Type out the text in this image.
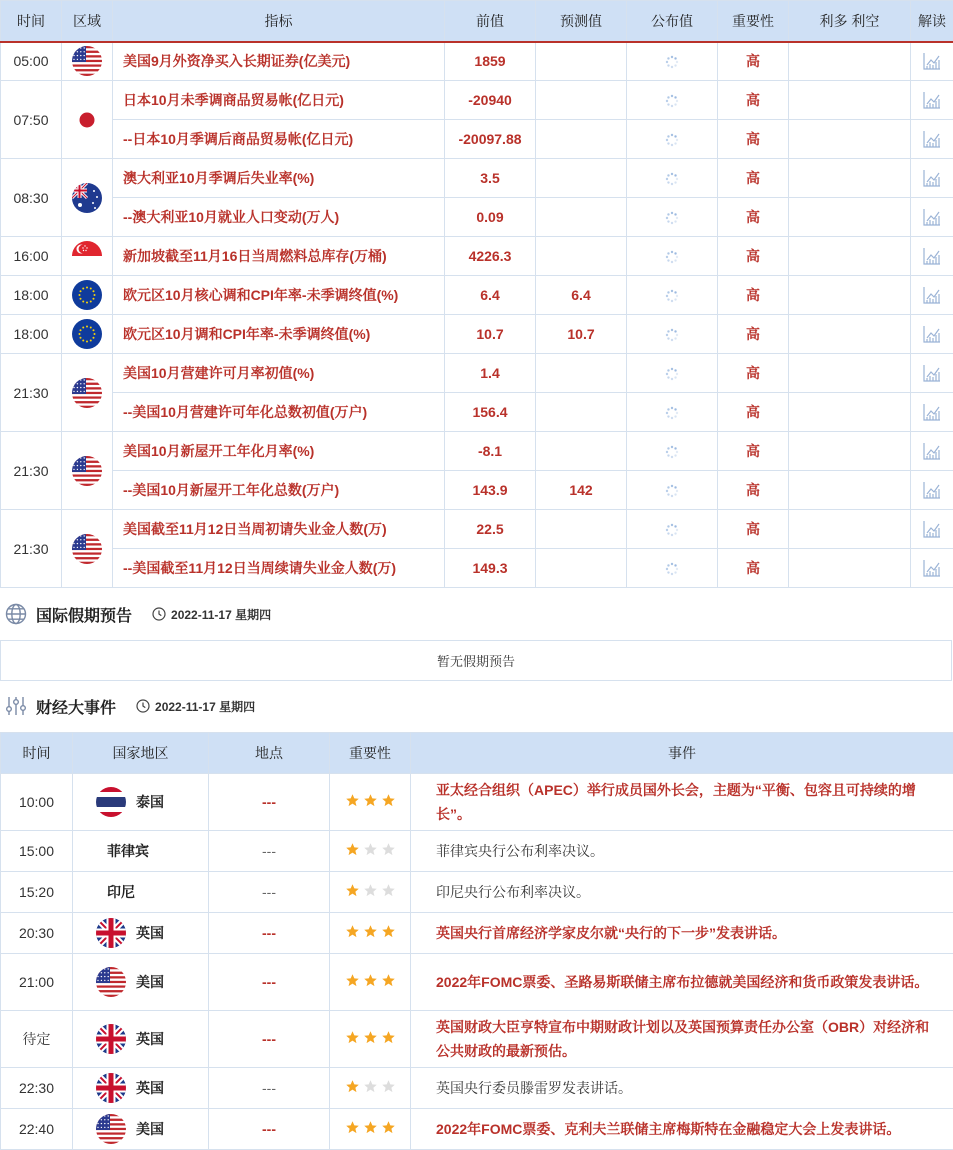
时间	区域	指标	前值	预测值	公布值	重要性	利多 利空	解读
05:00		美国9月外资净买入长期证券(亿美元)	1859			高		
07:50		日本10月未季调商品贸易帐(亿日元)	-20940			高		
		--日本10月季调后商品贸易帐(亿日元)	-20097.88			高		
08:30		澳大利亚10月季调后失业率(%)	3.5			高		
		--澳大利亚10月就业人口变动(万人)	0.09			高		
16:00		新加坡截至11月16日当周燃料总库存(万桶)	4226.3			高		
18:00		欧元区10月核心调和CPI年率-未季调终值(%)	6.4	6.4		高		
18:00		欧元区10月调和CPI年率-未季调终值(%)	10.7	10.7		高		
21:30		美国10月营建许可月率初值(%)	1.4			高		
		--美国10月营建许可年化总数初值(万户)	156.4			高		
21:30		美国10月新屋开工年化月率(%)	-8.1			高		
		--美国10月新屋开工年化总数(万户)	143.9	142		高		
21:30		美国截至11月12日当周初请失业金人数(万)	22.5			高		
		--美国截至11月12日当周续请失业金人数(万)	149.3			高		
国际假期预告	2022-11-17 星期四
暂无假期预告
财经大事件	2022-11-17 星期四
时间	国家地区	地点	重要性	事件
10:00	泰国	---		亚太经合组织（APEC）举行成员国外长会，主题为“平衡、包容且可持续的增长”。
15:00	菲律宾	---		菲律宾央行公布利率决议。
15:20	印尼	---		印尼央行公布利率决议。
20:30	英国	---		英国央行首席经济学家皮尔就“央行的下一步”发表讲话。
21:00	美国	---		2022年FOMC票委、圣路易斯联储主席布拉德就美国经济和货币政策发表讲话。
待定	英国	---		英国财政大臣亨特宣布中期财政计划以及英国预算责任办公室（OBR）对经济和公共财政的最新预估。
22:30	英国	---		英国央行委员滕雷罗发表讲话。
22:40	美国	---		2022年FOMC票委、克利夫兰联储主席梅斯特在金融稳定大会上发表讲话。
